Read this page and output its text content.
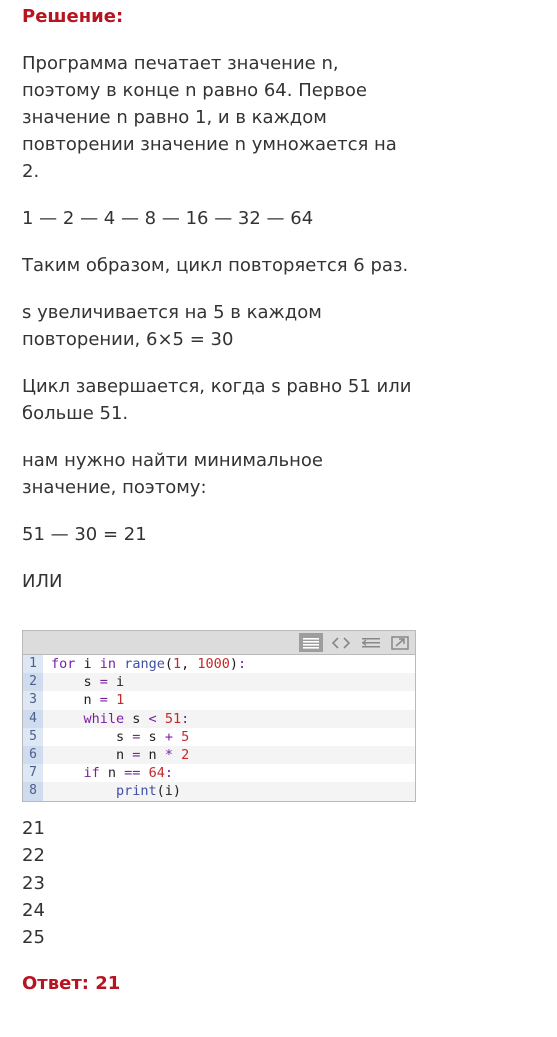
Решение:
Программа печатает значение n,
поэтому в конце n равно 64. Первое
значение n равно 1, и в каждом
повторении значение n умножается на
2.
1 — 2 — 4 — 8 — 16 — 32 — 64
Таким образом, цикл повторяется 6 раз.
s увеличивается на 5 в каждом
повторении, 6×5 = 30
Цикл завершается, когда s равно 51 или
больше 51.
нам нужно найти минимальное
значение, поэтому:
51 — 30 = 21
ИЛИ

1

	for i in range(1, 1000):

2

	s = i

3

	n = 1

4

	while s < 51:

5

	s = s + 5

6

	n = n * 2

7

	if n == 64:

8

	print(i)

21
22
23
24
25
Ответ: 21
